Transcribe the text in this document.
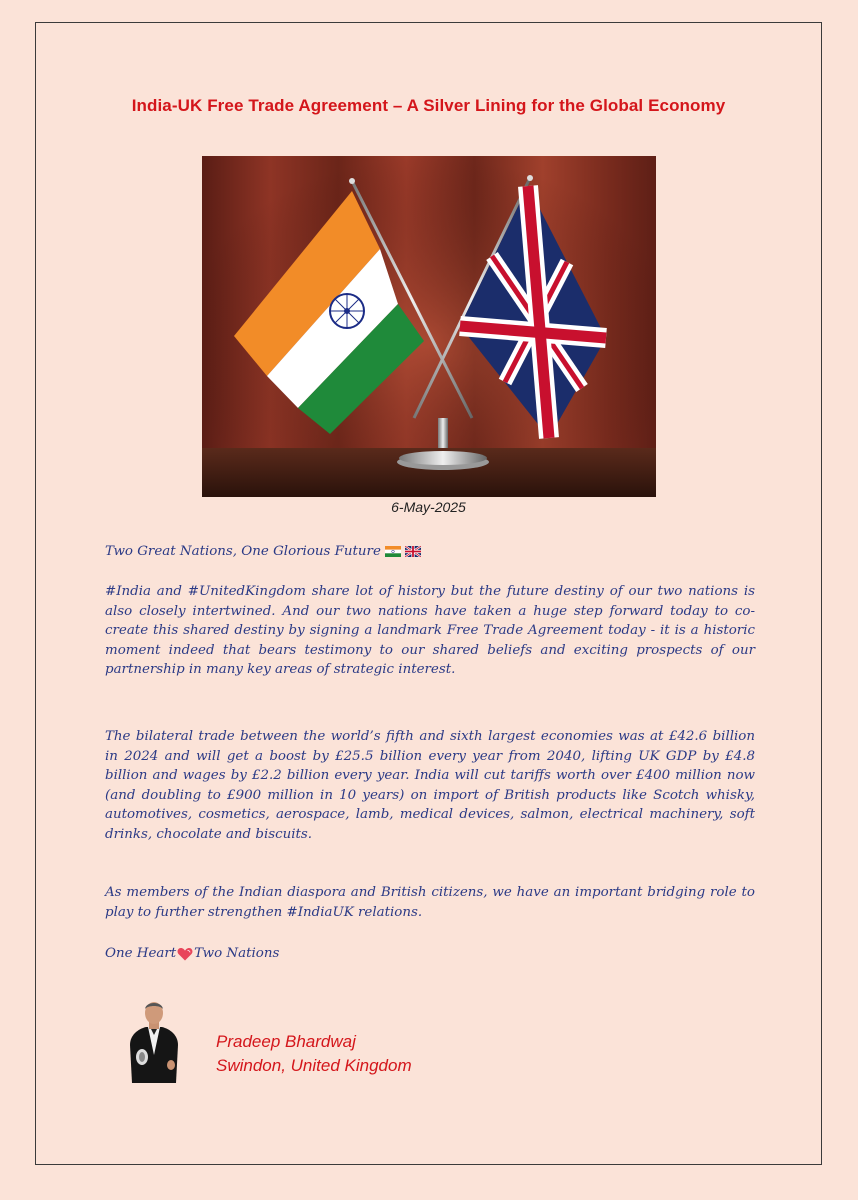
India-UK Free Trade Agreement – A Silver Lining for the Global Economy
6-May-2025
Two Great Nations, One Glorious Future
#India and #UnitedKingdom share lot of history but the future destiny of our two nations is also closely intertwined. And our two nations have taken a huge step forward today to co-create this shared destiny by signing a landmark Free Trade Agreement today - it is a historic moment indeed that bears testimony to our shared beliefs and exciting prospects of our partnership in many key areas of strategic interest.
The bilateral trade between the world’s fifth and sixth largest economies was at £42.6 billion in 2024 and will get a boost by £25.5 billion every year from 2040, lifting UK GDP by £4.8 billion and wages by £2.2 billion every year. India will cut tariffs worth over £400 million now (and doubling to £900 million in 10 years) on import of British products like Scotch whisky, automotives, cosmetics, aerospace, lamb, medical devices, salmon, electrical machinery, soft drinks, chocolate and biscuits.
As members of the Indian diaspora and British citizens, we have an important bridging role to play to further strengthen #IndiaUK relations.
One Heart Two Nations
Pradeep Bhardwaj
Swindon, United Kingdom
